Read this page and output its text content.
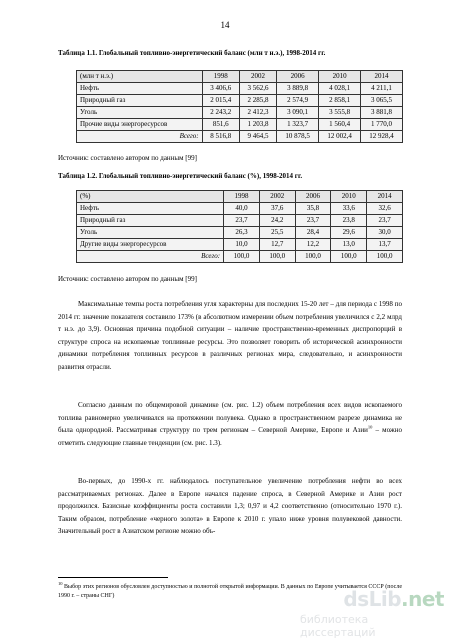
14
Таблица 1.1. Глобальный топливно-энергетический баланс (млн т н.э.), 1998-2014 гг.
(млн т н.э.)	1998	2002	2006	2010	2014
Нефть	3 406,6	3 562,6	3 889,8	4 028,1	4 211,1
Природный газ	2 015,4	2 285,8	2 574,9	2 858,1	3 065,5
Уголь	2 243,2	2 412,3	3 090,1	3 555,8	3 881,8
Прочие виды энергоресурсов	851,6	1 203,8	1 323,7	1 560,4	1 770,0
Всего:	8 516,8	9 464,5	10 878,5	12 002,4	12 928,4
Источник: составлено автором по данным [99]
Таблица 1.2. Глобальный топливно-энергетический баланс (%), 1998-2014 гг.
(%)	1998	2002	2006	2010	2014
Нефть	40,0	37,6	35,8	33,6	32,6
Природный газ	23,7	24,2	23,7	23,8	23,7
Уголь	26,3	25,5	28,4	29,6	30,0
Другие виды энергоресурсов	10,0	12,7	12,2	13,0	13,7
Всего:	100,0	100,0	100,0	100,0	100,0
Источник: составлено автором по данным [99]

Максимальные темпы роста потребления угля характерны для последних 15-20 лет – для периода с 1998 по 2014 гг. значение показателя составило 173% (в абсолютном измерении объем потребления увеличился с 2,2 млрд т н.э. до 3,9). Основная причина подобной ситуации – наличие пространственно-временных диспропорций в структуре спроса на ископаемые топливные ресурсы. Это позволяет говорить об исторической асинхронности динамики потребления топливных ресурсов в различных регионах мира, следовательно, и асинхронности развития отрасли.

Согласно данным по общемировой динамике (см. рис. 1.2) объем потребления всех видов ископаемого топлива равномерно увеличивался на протяжении полувека. Однако в пространственном разрезе динамика не была однородной. Рассматривая структуру по трем регионам – Северной Америке, Европе и Азии$^{10}$ – можно отметить следующие главные тенденции (см. рис. 1.3).

Во-первых, до 1990-х гг. наблюдалось поступательное увеличение потребления нефти во всех рассматриваемых регионах. Далее в Европе начался падение спроса, в Северной Америке и Азии рост продолжился. Базисные коэффициенты роста составили 1,3; 0,97 и 4,2 соответственно (относительно 1970 г.). Таким образом, потребление «черного золота» в Европе к 2010 г. упало ниже уровня полувековой давности. Значительный рост в Азиатском регионе можно объ-

$^{10}$ Выбор этих регионов обусловлен доступностью и полнотой открытой информации. В данных по Европе учитывается СССР (после 1990 г. – страны СНГ)	dsLib.net
библиотека диссертаций
